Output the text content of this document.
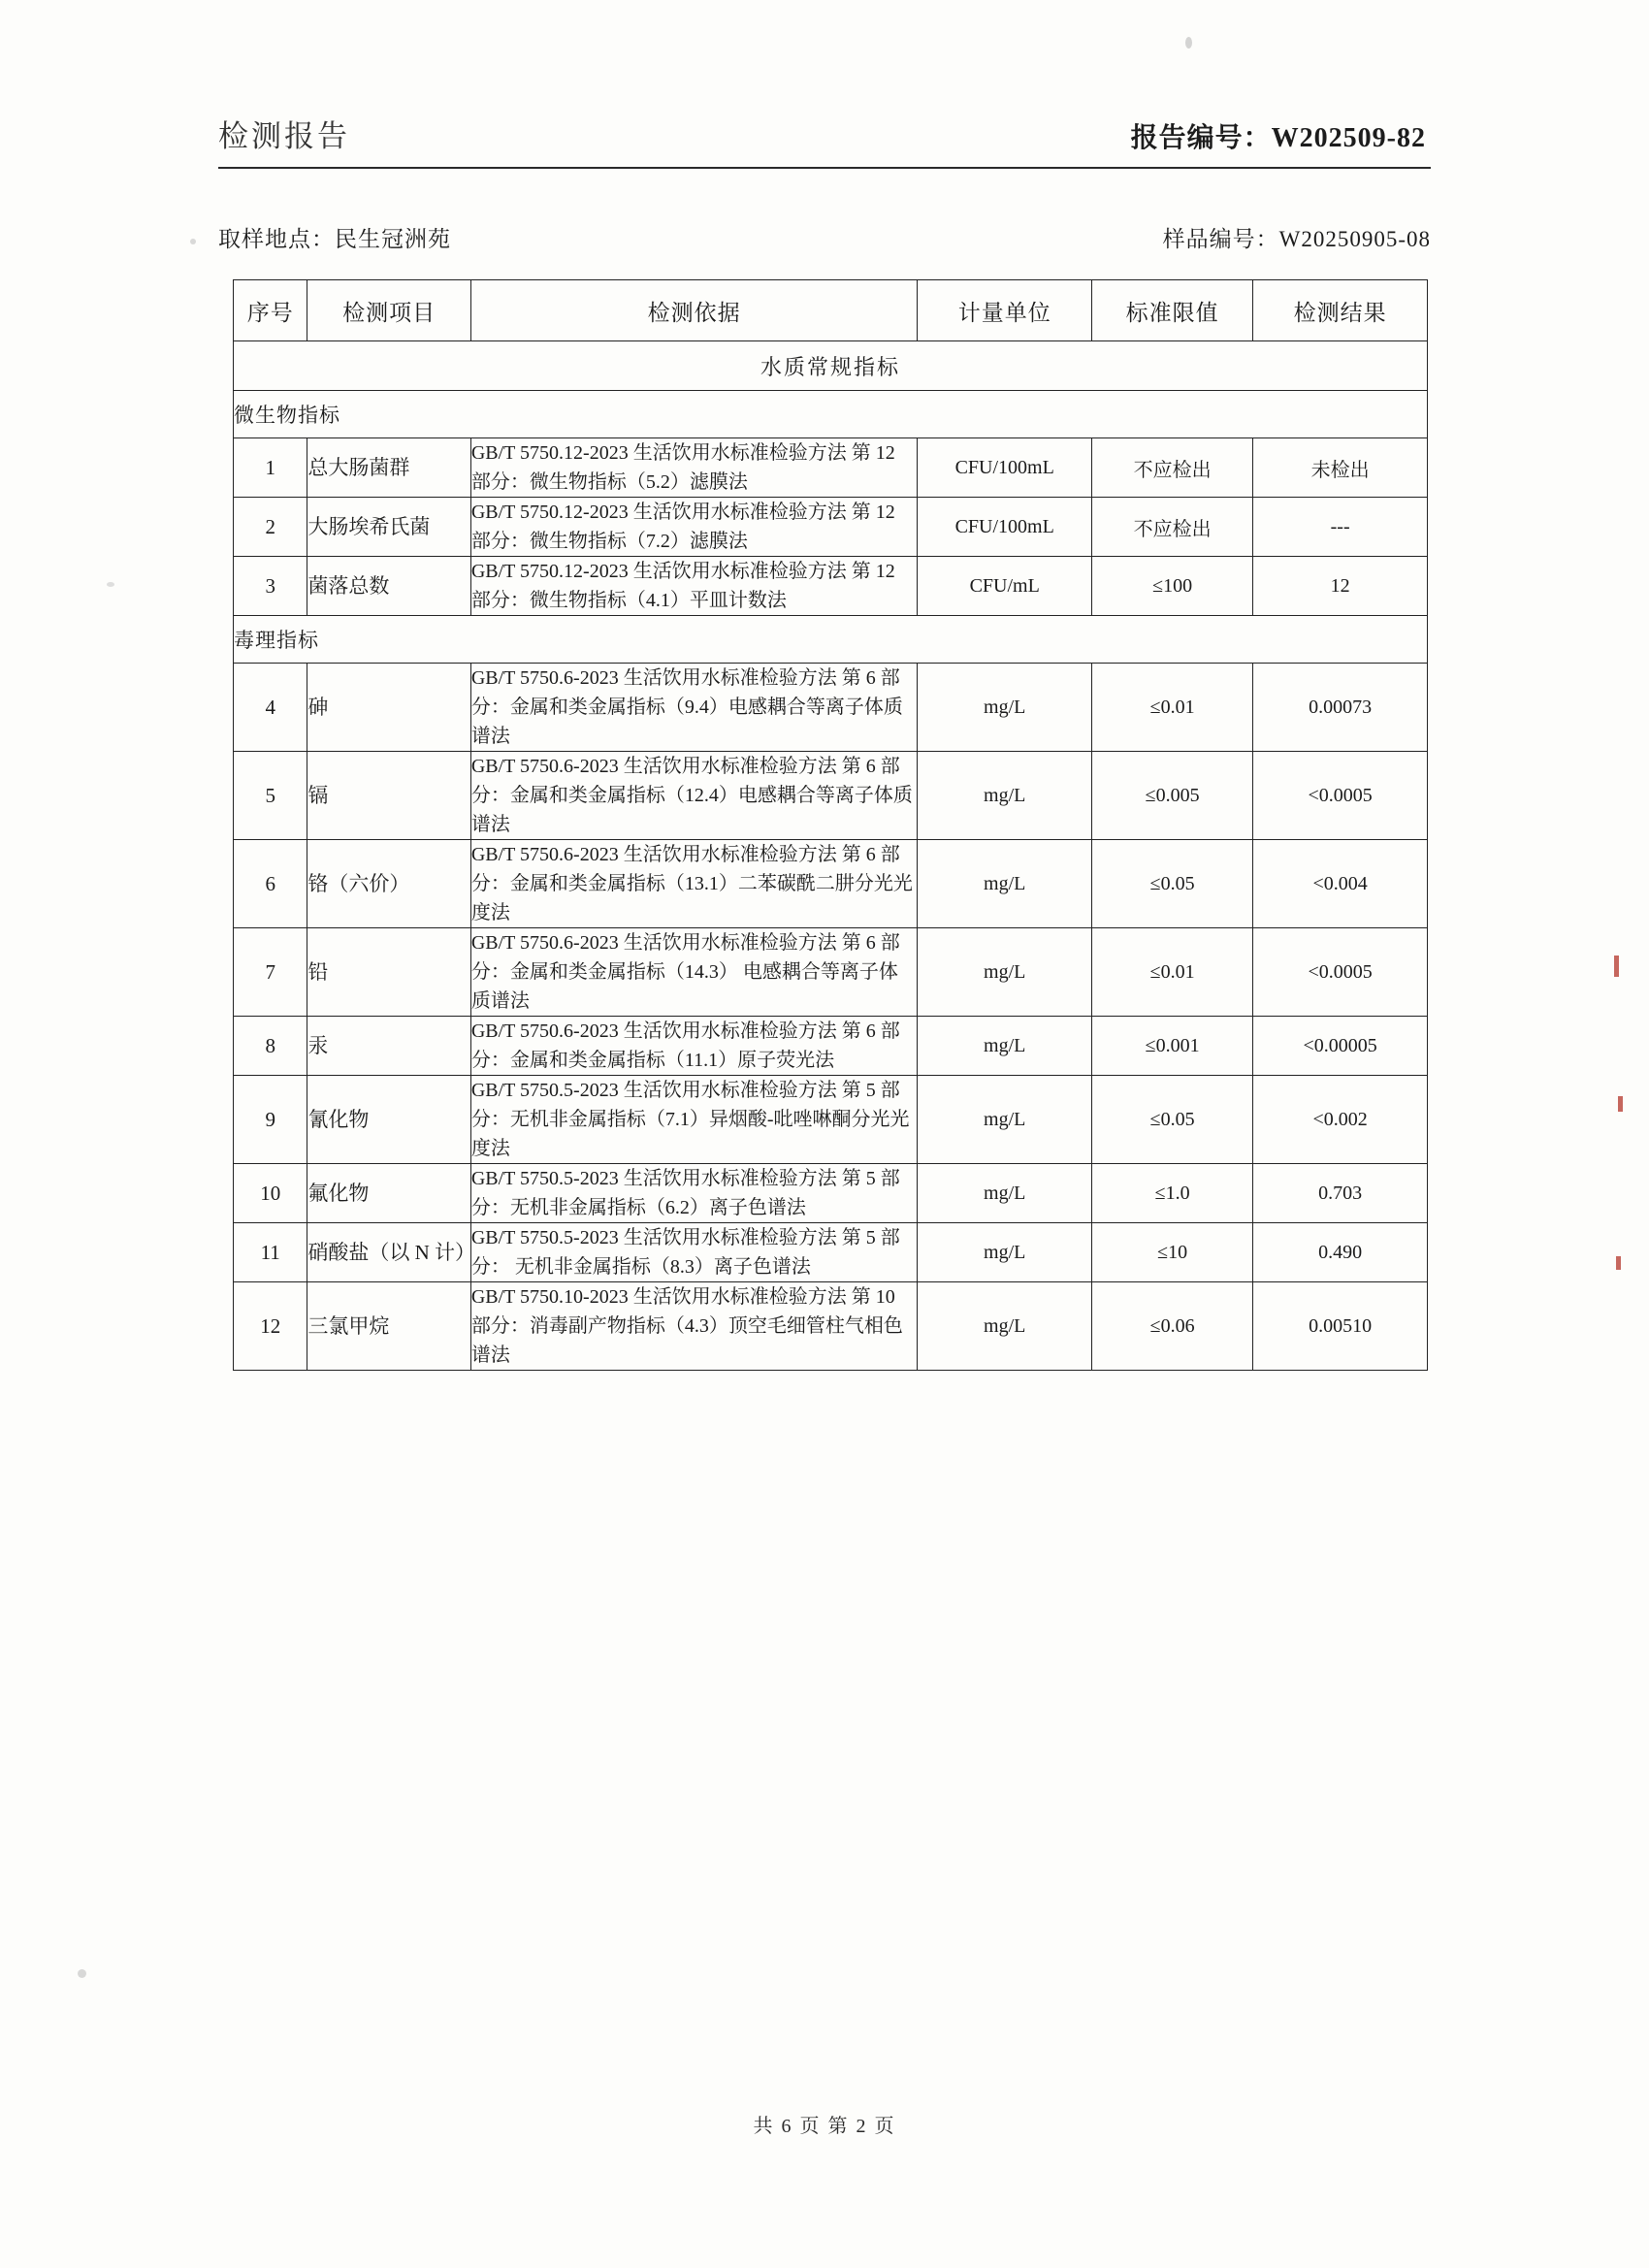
检测报告	报告编号：W202509-82
取样地点：民生冠洲苑	样品编号：W20250905-08
序号	检测项目	检测依据	计量单位	标准限值	检测结果
水质常规指标					
微生物指标					
1	总大肠菌群	GB/T 5750.12-2023 生活饮用水标准检验方法 第 12 部分：微生物指标（5.2）滤膜法	CFU/100mL	不应检出	未检出
2	大肠埃希氏菌	GB/T 5750.12-2023 生活饮用水标准检验方法 第 12 部分：微生物指标（7.2）滤膜法	CFU/100mL	不应检出	---
3	菌落总数	GB/T 5750.12-2023 生活饮用水标准检验方法 第 12 部分：微生物指标（4.1）平皿计数法	CFU/mL	≤100	12
毒理指标					
4	砷	GB/T 5750.6-2023 生活饮用水标准检验方法 第 6 部分：金属和类金属指标（9.4）电感耦合等离子体质谱法	mg/L	≤0.01	0.00073
5	镉	GB/T 5750.6-2023 生活饮用水标准检验方法 第 6 部分：金属和类金属指标（12.4）电感耦合等离子体质谱法	mg/L	≤0.005	<0.0005
6	铬（六价）	GB/T 5750.6-2023 生活饮用水标准检验方法 第 6 部分：金属和类金属指标（13.1）二苯碳酰二肼分光光度法	mg/L	≤0.05	<0.004
7	铅	GB/T 5750.6-2023 生活饮用水标准检验方法 第 6 部分：金属和类金属指标（14.3） 电感耦合等离子体质谱法	mg/L	≤0.01	<0.0005
8	汞	GB/T 5750.6-2023 生活饮用水标准检验方法 第 6 部分：金属和类金属指标（11.1）原子荧光法	mg/L	≤0.001	<0.00005
9	氰化物	GB/T 5750.5-2023 生活饮用水标准检验方法 第 5 部分：无机非金属指标（7.1）异烟酸-吡唑啉酮分光光度法	mg/L	≤0.05	<0.002
10	氟化物	GB/T 5750.5-2023 生活饮用水标准检验方法 第 5 部分：无机非金属指标（6.2）离子色谱法	mg/L	≤1.0	0.703
11	硝酸盐（以 N 计）	GB/T 5750.5-2023 生活饮用水标准检验方法 第 5 部分： 无机非金属指标（8.3）离子色谱法	mg/L	≤10	0.490
12	三氯甲烷	GB/T 5750.10-2023 生活饮用水标准检验方法 第 10 部分：消毒副产物指标（4.3）顶空毛细管柱气相色谱法	mg/L	≤0.06	0.00510
共 6 页 第 2 页
